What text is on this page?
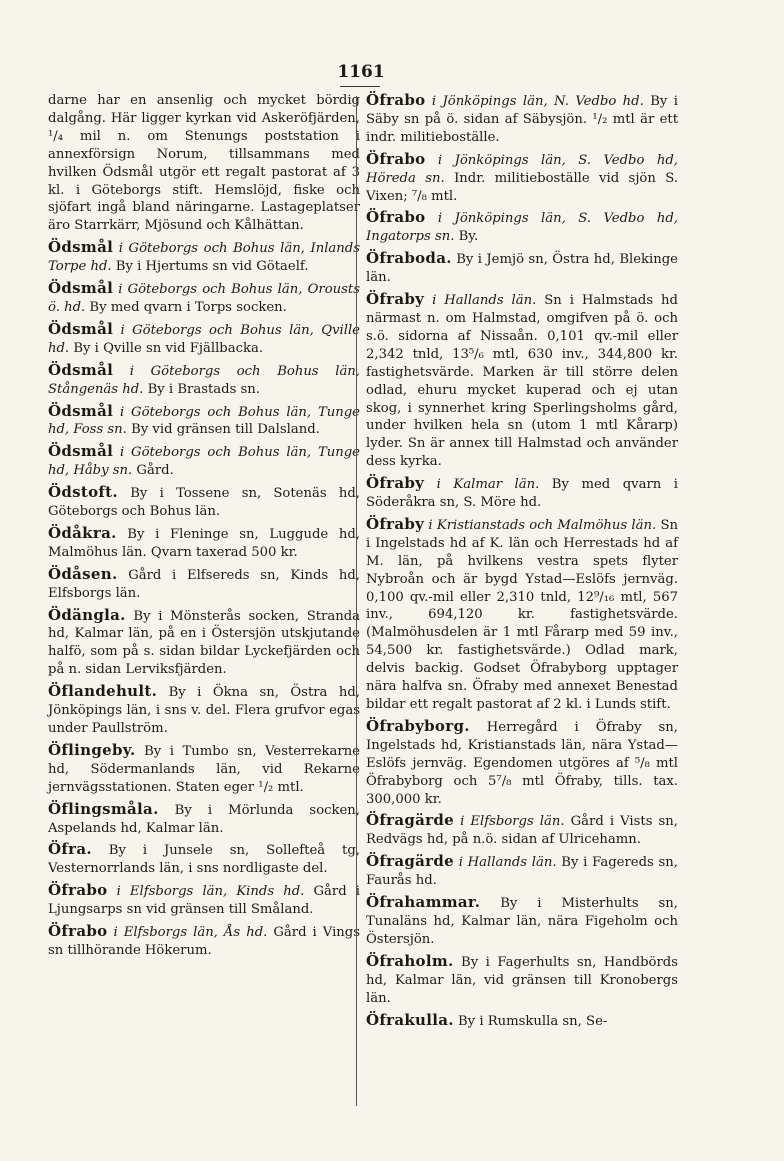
1161

darne har en ansenlig och mycket bördig dalgång. Här ligger kyrkan vid Askeröfjärden, ¹/₄ mil n. om Stenungs poststation i annexförsign Norum, tillsammans med hvilken Ödsmål utgör ett regalt pastorat af 3 kl. i Göteborgs stift. Hemslöjd, fiske och sjöfart ingå bland näringarne. Lastageplatser äro Starrkärr, Mjösund och Kålhättan.

Ödsmål i Göteborgs och Bohus län, Inlands Torpe hd. By i Hjertums sn vid Götaelf.

Ödsmål i Göteborgs och Bohus län, Orousts ö. hd. By med qvarn i Torps socken.

Ödsmål i Göteborgs och Bohus län, Qville hd. By i Qville sn vid Fjällbacka.

Ödsmål i Göteborgs och Bohus län, Stångenäs hd. By i Brastads sn.

Ödsmål i Göteborgs och Bohus län, Tunge hd, Foss sn. By vid gränsen till Dalsland.

Ödsmål i Göteborgs och Bohus län, Tunge hd, Håby sn. Gård.

Ödstoft. By i Tossene sn, Sotenäs hd, Göteborgs och Bohus län.

Ödåkra. By i Fleninge sn, Luggude hd, Malmöhus län. Qvarn taxerad 500 kr.

Ödåsen. Gård i Elfsereds sn, Kinds hd, Elfsborgs län.

Ödängla. By i Mönsterås socken, Stranda hd, Kalmar län, på en i Östersjön utskjutande halfö, som på s. sidan bildar Lyckefjärden och på n. sidan Lerviksfjärden.

Öflandehult. By i Ökna sn, Östra hd, Jönköpings län, i sns v. del. Flera grufvor egas under Paullström.

Öflingeby. By i Tumbo sn, Vesterrekarne hd, Södermanlands län, vid Rekarne jernvägsstationen. Staten eger ¹/₂ mtl.

Öflingsmåla. By i Mörlunda socken, Aspelands hd, Kalmar län.

Öfra. By i Junsele sn, Sollefteå tg, Vesternorrlands län, i sns nordligaste del.

Öfrabo i Elfsborgs län, Kinds hd. Gård i Ljungsarps sn vid gränsen till Småland.

Öfrabo i Elfsborgs län, Ås hd. Gård i Vings sn tillhörande Hökerum.

Öfrabo i Jönköpings län, N. Vedbo hd. By i Säby sn på ö. sidan af Säbysjön. ¹/₂ mtl är ett indr. militieboställe.

Öfrabo i Jönköpings län, S. Vedbo hd, Höreda sn. Indr. militieboställe vid sjön S. Vixen; ⁷/₈ mtl.

Öfrabo i Jönköpings län, S. Vedbo hd, Ingatorps sn. By.

Öfraboda. By i Jemjö sn, Östra hd, Blekinge län.

Öfraby i Hallands län. Sn i Halmstads hd närmast n. om Halmstad, omgifven på ö. och s.ö. sidorna af Nissaån. 0,101 qv.-mil eller 2,342 tnld, 13⁵/₆ mtl, 630 inv., 344,800 kr. fastighetsvärde. Marken är till större delen odlad, ehuru mycket kuperad och ej utan skog, i synnerhet kring Sperlingsholms gård, under hvilken hela sn (utom 1 mtl Kårarp) lyder. Sn är annex till Halmstad och använder dess kyrka.

Öfraby i Kalmar län. By med qvarn i Söderåkra sn, S. Möre hd.

Öfraby i Kristianstads och Malmöhus län. Sn i Ingelstads hd af K. län och Herrestads hd af M. län, på hvilkens vestra spets flyter Nybroån och är bygd Ystad—Eslöfs jernväg. 0,100 qv.-mil eller 2,310 tnld, 12⁹/₁₆ mtl, 567 inv., 694,120 kr. fastighetsvärde. (Malmöhusdelen är 1 mtl Fårarp med 59 inv., 54,500 kr. fastighetsvärde.) Odlad mark, delvis backig. Godset Öfrabyborg upptager nära halfva sn. Öfraby med annexet Benestad bildar ett regalt pastorat af 2 kl. i Lunds stift.

Öfrabyborg. Herregård i Öfraby sn, Ingelstads hd, Kristianstads län, nära Ystad—Eslöfs jernväg. Egendomen utgöres af ⁵/₈ mtl Öfrabyborg och 5⁷/₈ mtl Öfraby, tills. tax. 300,000 kr.

Öfragärde i Elfsborgs län. Gård i Vists sn, Redvägs hd, på n.ö. sidan af Ulricehamn.

Öfragärde i Hallands län. By i Fagereds sn, Faurås hd.

Öfrahammar. By i Misterhults sn, Tunaläns hd, Kalmar län, nära Figeholm och Östersjön.

Öfraholm. By i Fagerhults sn, Handbörds hd, Kalmar län, vid gränsen till Kronobergs län.

Öfrakulla. By i Rumskulla sn, Se-
